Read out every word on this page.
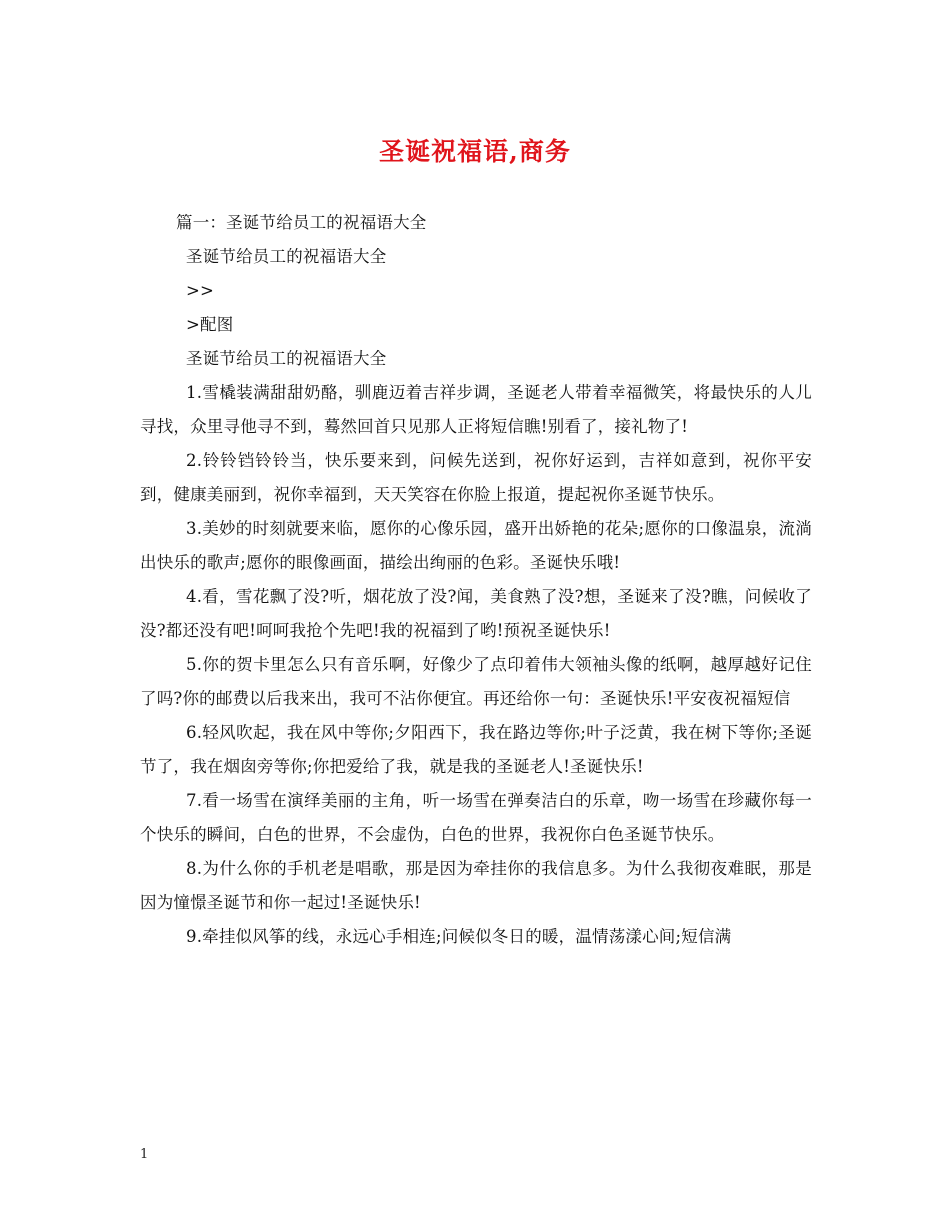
圣诞祝福语,商务

篇一：圣诞节给员工的祝福语大全

圣诞节给员工的祝福语大全

>>

>配图

圣诞节给员工的祝福语大全

1.雪橇装满甜甜奶酪，驯鹿迈着吉祥步调，圣诞老人带着幸福微笑，将最快乐的人儿寻找，众里寻他寻不到，蓦然回首只见那人正将短信瞧!别看了，接礼物了!

2.铃铃铛铃铃当，快乐要来到，问候先送到，祝你好运到，吉祥如意到，祝你平安到，健康美丽到，祝你幸福到，天天笑容在你脸上报道，提起祝你圣诞节快乐。

3.美妙的时刻就要来临，愿你的心像乐园，盛开出娇艳的花朵;愿你的口像温泉，流淌出快乐的歌声;愿你的眼像画面，描绘出绚丽的色彩。圣诞快乐哦!

4.看，雪花飘了没?听，烟花放了没?闻，美食熟了没?想，圣诞来了没?瞧，问候收了没?都还没有吧!呵呵我抢个先吧!我的祝福到了哟!预祝圣诞快乐!

5.你的贺卡里怎么只有音乐啊，好像少了点印着伟大领袖头像的纸啊，越厚越好记住了吗?你的邮费以后我来出，我可不沾你便宜。再还给你一句：圣诞快乐!平安夜祝福短信

6.轻风吹起，我在风中等你;夕阳西下，我在路边等你;叶子泛黄，我在树下等你;圣诞节了，我在烟囱旁等你;你把爱给了我，就是我的圣诞老人!圣诞快乐!

7.看一场雪在演绎美丽的主角，听一场雪在弹奏洁白的乐章，吻一场雪在珍藏你每一个快乐的瞬间，白色的世界，不会虚伪，白色的世界，我祝你白色圣诞节快乐。

8.为什么你的手机老是唱歌，那是因为牵挂你的我信息多。为什么我彻夜难眠，那是因为憧憬圣诞节和你一起过!圣诞快乐!

9.牵挂似风筝的线，永远心手相连;问候似冬日的暖，温情荡漾心间;短信满

1
